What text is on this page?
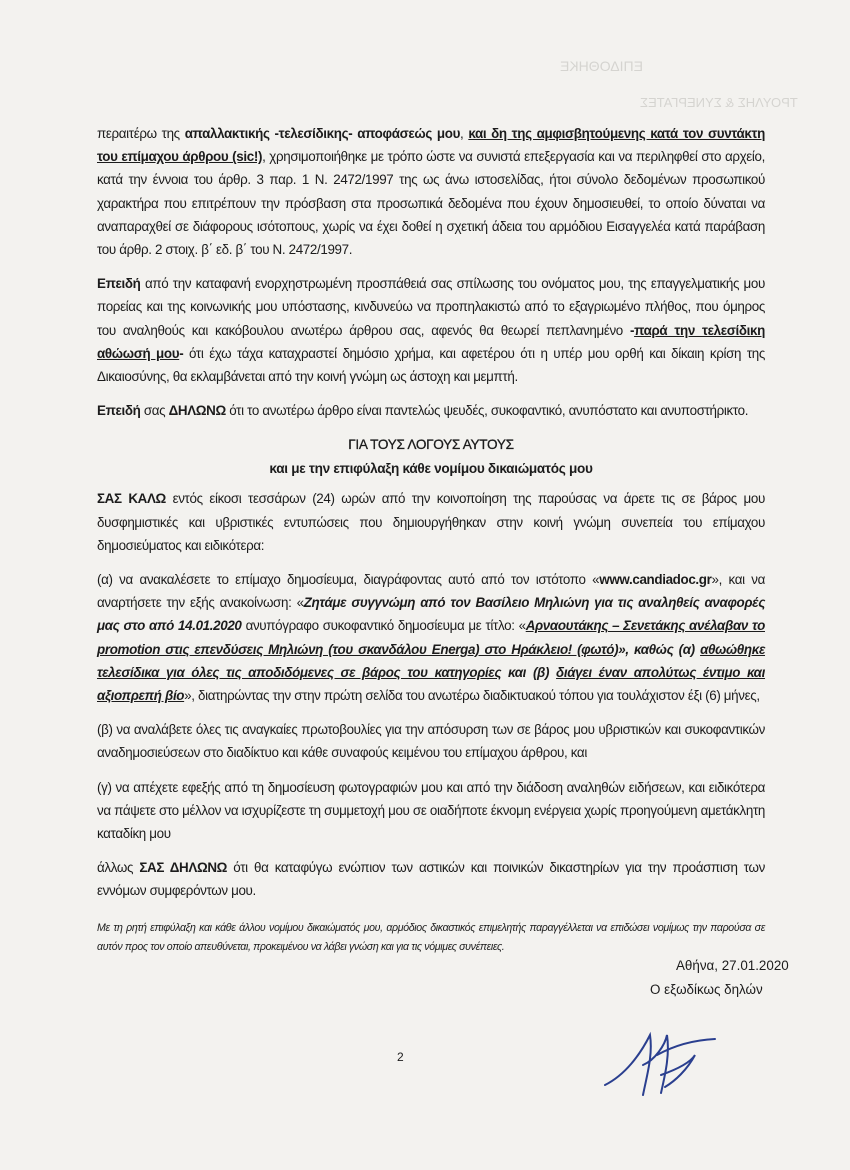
ΕΠΙΔΟΘΗΚΕ
ΤΡΟΥΛΗΣ & ΣΥΝΕΡΓΑΤΕΣ

περαιτέρω της απαλλακτικής -τελεσίδικης- αποφάσεώς μου, και δη της αμφισβητούμενης κατά τον συντάκτη του επίμαχου άρθρου (sic!), χρησιμοποιήθηκε με τρόπο ώστε να συνιστά επεξεργασία και να περιληφθεί στο αρχείο, κατά την έννοια του άρθρ. 3 παρ. 1 Ν. 2472/1997 της ως άνω ιστοσελίδας, ήτοι σύνολο δεδομένων προσωπικού χαρακτήρα που επιτρέπουν την πρόσβαση στα προσωπικά δεδομένα που έχουν δημοσιευθεί, το οποίο δύναται να αναπαραχθεί σε διάφορους ισότοπους, χωρίς να έχει δοθεί η σχετική άδεια του αρμόδιου Εισαγγελέα κατά παράβαση του άρθρ. 2 στοιχ. β΄ εδ. β΄ του Ν. 2472/1997.

Επειδή από την καταφανή ενορχηστρωμένη προσπάθειά σας σπίλωσης του ονόματος μου, της επαγγελματικής μου πορείας και της κοινωνικής μου υπόστασης, κινδυνεύω να προπηλακιστώ από το εξαγριωμένο πλήθος, που όμηρος του αναληθούς και κακόβουλου ανωτέρω άρθρου σας, αφενός θα θεωρεί πεπλανημένο -παρά την τελεσίδικη αθώωσή μου- ότι έχω τάχα καταχραστεί δημόσιο χρήμα, και αφετέρου ότι η υπέρ μου ορθή και δίκαιη κρίση της Δικαιοσύνης, θα εκλαμβάνεται από την κοινή γνώμη ως άστοχη και μεμπτή.

Επειδή σας ΔΗΛΩΝΩ ότι το ανωτέρω άρθρο είναι παντελώς ψευδές, συκοφαντικό, ανυπόστατο και ανυποστήρικτο.

ΓΙΑ ΤΟΥΣ ΛΟΓΟΥΣ ΑΥΤΟΥΣ
και με την επιφύλαξη κάθε νομίμου δικαιώματός μου

ΣΑΣ ΚΑΛΩ εντός είκοσι τεσσάρων (24) ωρών από την κοινοποίηση της παρούσας να άρετε τις σε βάρος μου δυσφημιστικές και υβριστικές εντυπώσεις που δημιουργήθηκαν στην κοινή γνώμη συνεπεία του επίμαχου δημοσιεύματος και ειδικότερα:

(α) να ανακαλέσετε το επίμαχο δημοσίευμα, διαγράφοντας αυτό από τον ιστότοπο «www.candiadoc.gr», και να αναρτήσετε την εξής ανακοίνωση: «Ζητάμε συγγνώμη από τον Βασίλειο Μηλιώνη για τις αναληθείς αναφορές μας στο από 14.01.2020 ανυπόγραφο συκοφαντικό δημοσίευμα με τίτλο: «Αρναουτάκης – Σενετάκης ανέλαβαν το promotion στις επενδύσεις Μηλιώνη (του σκανδάλου Energa) στο Ηράκλειο! (φωτό)», καθώς (α) αθωώθηκε τελεσίδικα για όλες τις αποδιδόμενες σε βάρος του κατηγορίες και (β) διάγει έναν απολύτως έντιμο και αξιοπρεπή βίο», διατηρώντας την στην πρώτη σελίδα του ανωτέρω διαδικτυακού τόπου για τουλάχιστον έξι (6) μήνες,

(β) να αναλάβετε όλες τις αναγκαίες πρωτοβουλίες για την απόσυρση των σε βάρος μου υβριστικών και συκοφαντικών αναδημοσιεύσεων στο διαδίκτυο και κάθε συναφούς κειμένου του επίμαχου άρθρου, και

(γ) να απέχετε εφεξής από τη δημοσίευση φωτογραφιών μου και από την διάδοση αναληθών ειδήσεων, και ειδικότερα να πάψετε στο μέλλον να ισχυρίζεστε τη συμμετοχή μου σε οιαδήποτε έκνομη ενέργεια χωρίς προηγούμενη αμετάκλητη καταδίκη μου

άλλως ΣΑΣ ΔΗΛΩΝΩ ότι θα καταφύγω ενώπιον των αστικών και ποινικών δικαστηρίων για την προάσπιση των εννόμων συμφερόντων μου.

Με τη ρητή επιφύλαξη και κάθε άλλου νομίμου δικαιώματός μου, αρμόδιος δικαστικός επιμελητής παραγγέλλεται να επιδώσει νομίμως την παρούσα σε αυτόν προς τον οποίο απευθύνεται, προκειμένου να λάβει γνώση και για τις νόμιμες συνέπειες.

Αθήνα, 27.01.2020
Ο εξωδίκως δηλών
2
